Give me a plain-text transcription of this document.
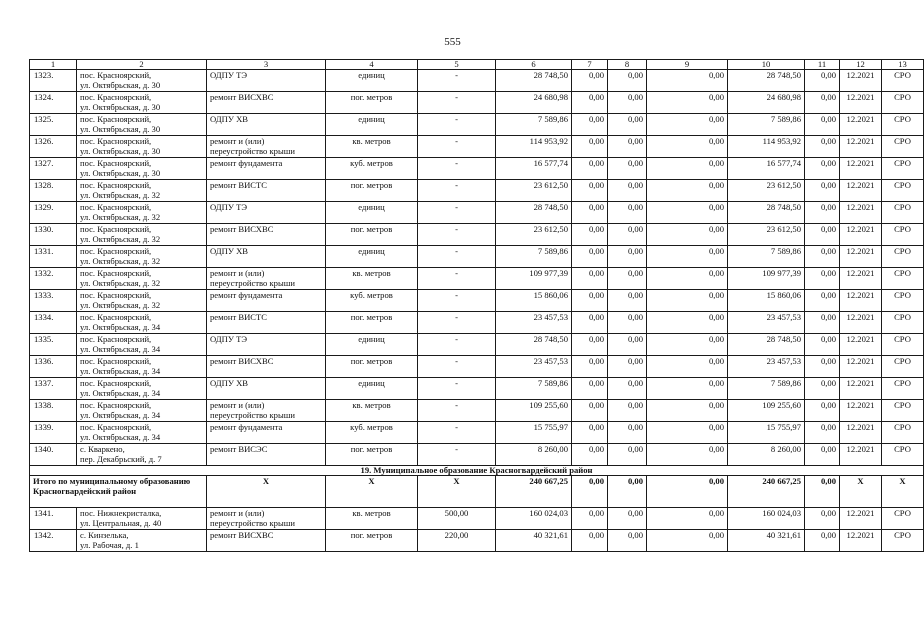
555
1	2	3	4	5	6	7	8	9	10	11	12	13
1323.	пос. Красноярский,
ул. Октябрьская, д. 30	ОДПУ ТЭ	единиц	-	28 748,50	0,00	0,00	0,00	28 748,50	0,00	12.2021	СРО
1324.	пос. Красноярский,
ул. Октябрьская, д. 30	ремонт ВИСХВС	пог. метров	-	24 680,98	0,00	0,00	0,00	24 680,98	0,00	12.2021	СРО
1325.	пос. Красноярский,
ул. Октябрьская, д. 30	ОДПУ ХВ	единиц	-	7 589,86	0,00	0,00	0,00	7 589,86	0,00	12.2021	СРО
1326.	пос. Красноярский,
ул. Октябрьская, д. 30	ремонт и (или)
переустройство крыши	кв. метров	-	114 953,92	0,00	0,00	0,00	114 953,92	0,00	12.2021	СРО
1327.	пос. Красноярский,
ул. Октябрьская, д. 30	ремонт фундамента	куб. метров	-	16 577,74	0,00	0,00	0,00	16 577,74	0,00	12.2021	СРО
1328.	пос. Красноярский,
ул. Октябрьская, д. 32	ремонт ВИСТС	пог. метров	-	23 612,50	0,00	0,00	0,00	23 612,50	0,00	12.2021	СРО
1329.	пос. Красноярский,
ул. Октябрьская, д. 32	ОДПУ ТЭ	единиц	-	28 748,50	0,00	0,00	0,00	28 748,50	0,00	12.2021	СРО
1330.	пос. Красноярский,
ул. Октябрьская, д. 32	ремонт ВИСХВС	пог. метров	-	23 612,50	0,00	0,00	0,00	23 612,50	0,00	12.2021	СРО
1331.	пос. Красноярский,
ул. Октябрьская, д. 32	ОДПУ ХВ	единиц	-	7 589,86	0,00	0,00	0,00	7 589,86	0,00	12.2021	СРО
1332.	пос. Красноярский,
ул. Октябрьская, д. 32	ремонт и (или)
переустройство крыши	кв. метров	-	109 977,39	0,00	0,00	0,00	109 977,39	0,00	12.2021	СРО
1333.	пос. Красноярский,
ул. Октябрьская, д. 32	ремонт фундамента	куб. метров	-	15 860,06	0,00	0,00	0,00	15 860,06	0,00	12.2021	СРО
1334.	пос. Красноярский,
ул. Октябрьская, д. 34	ремонт ВИСТС	пог. метров	-	23 457,53	0,00	0,00	0,00	23 457,53	0,00	12.2021	СРО
1335.	пос. Красноярский,
ул. Октябрьская, д. 34	ОДПУ ТЭ	единиц	-	28 748,50	0,00	0,00	0,00	28 748,50	0,00	12.2021	СРО
1336.	пос. Красноярский,
ул. Октябрьская, д. 34	ремонт ВИСХВС	пог. метров	-	23 457,53	0,00	0,00	0,00	23 457,53	0,00	12.2021	СРО
1337.	пос. Красноярский,
ул. Октябрьская, д. 34	ОДПУ ХВ	единиц	-	7 589,86	0,00	0,00	0,00	7 589,86	0,00	12.2021	СРО
1338.	пос. Красноярский,
ул. Октябрьская, д. 34	ремонт и (или)
переустройство крыши	кв. метров	-	109 255,60	0,00	0,00	0,00	109 255,60	0,00	12.2021	СРО
1339.	пос. Красноярский,
ул. Октябрьская, д. 34	ремонт фундамента	куб. метров	-	15 755,97	0,00	0,00	0,00	15 755,97	0,00	12.2021	СРО
1340.	с. Кваркено,
пер. Декабрьский, д. 7	ремонт ВИСЭС	пог. метров	-	8 260,00	0,00	0,00	0,00	8 260,00	0,00	12.2021	СРО
19. Муниципальное образование Красногвардейский район												
Итого по муниципальному образованию Красногвардейский район		Х	Х	Х	240 667,25	0,00	0,00	0,00	240 667,25	0,00	Х	Х
1341.	пос. Нижнекристалка,
ул. Центральная, д. 40	ремонт и (или)
переустройство крыши	кв. метров	500,00	160 024,03	0,00	0,00	0,00	160 024,03	0,00	12.2021	СРО
1342.	с. Кинзелька,
ул. Рабочая, д. 1	ремонт ВИСХВС	пог. метров	220,00	40 321,61	0,00	0,00	0,00	40 321,61	0,00	12.2021	СРО
